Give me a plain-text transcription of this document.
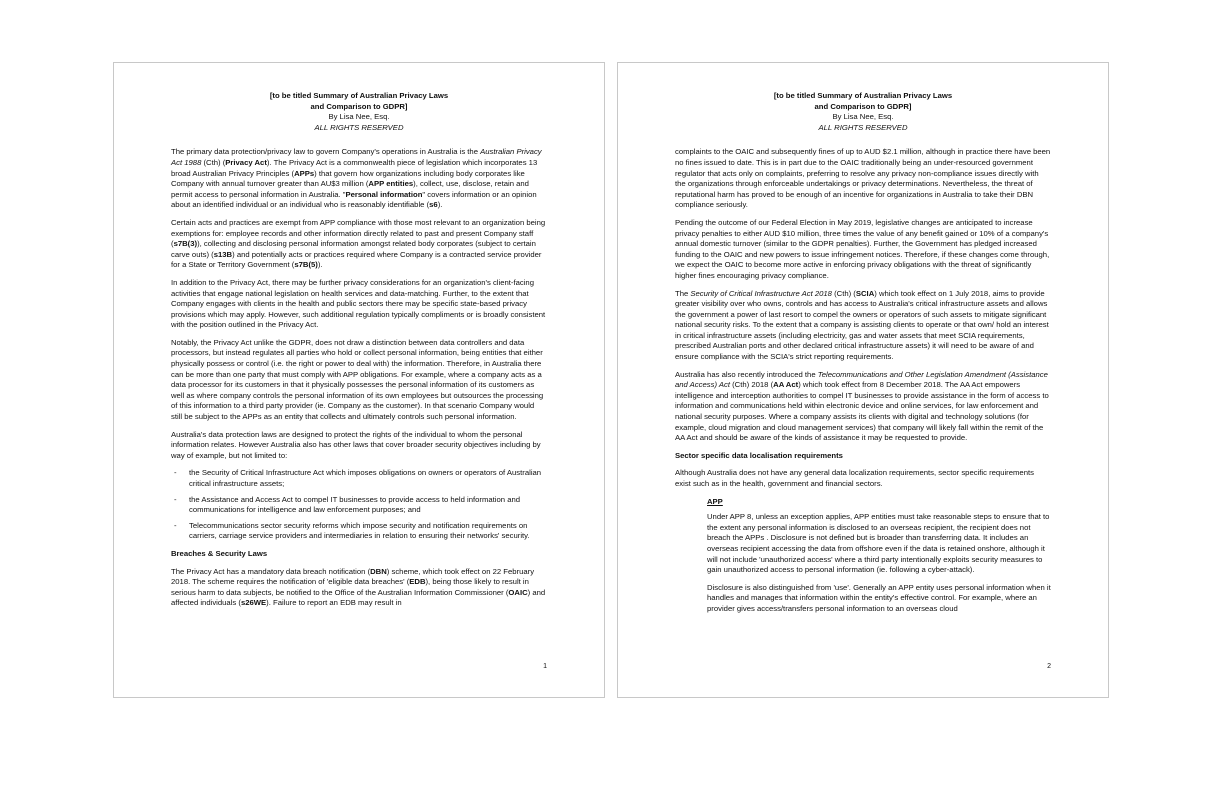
[to be titled Summary of Australian Privacy Laws
and Comparison to GDPR]
By Lisa Nee, Esq.
ALL RIGHTS RESERVED

The primary data protection/privacy law to govern Company's operations in Australia is the Australian Privacy Act 1988 (Cth) (Privacy Act). The Privacy Act is a commonwealth piece of legislation which incorporates 13 broad Australian Privacy Principles (APPs) that govern how organizations including body corporates like Company with annual turnover greater than AU$3 million (APP entities), collect, use, disclose, retain and permit access to personal information in Australia. "Personal information" covers information or an opinion about an identified individual or an individual who is reasonably identifiable (s6).

Certain acts and practices are exempt from APP compliance with those most relevant to an organization being exemptions for: employee records and other information directly related to past and present Company staff (s7B(3)), collecting and disclosing personal information amongst related body corporates (subject to certain carve outs) (s13B) and potentially acts or practices required where Company is a contracted service provider for a State or Territory Government (s7B(5)).

In addition to the Privacy Act, there may be further privacy considerations for an organization's client-facing activities that engage national legislation on health services and data-matching. Further, to the extent that Company engages with clients in the health and public sectors there may be specific state-based privacy provisions which may apply. However, such additional regulation typically compliments or is broadly consistent with the position outlined in the Privacy Act.

Notably, the Privacy Act unlike the GDPR, does not draw a distinction between data controllers and data processors, but instead regulates all parties who hold or collect personal information, being entities that either physically possess or control (i.e. the right or power to deal with) the information. Therefore, in Australia there can be more than one party that must comply with APP obligations. For example, where a company acts as a data processor for its customers in that it physically possesses the personal information of its customers as well as where company controls the personal information of its own employees but outsources the processing of this information to a third party provider (ie. Company as the customer). In that scenario Company would still be subject to the APPs as an entity that collects and ultimately controls such personal information.

Australia's data protection laws are designed to protect the rights of the individual to whom the personal information relates. However Australia also has other laws that cover broader security objectives including by way of example, but not limited to:

- the Security of Critical Infrastructure Act which imposes obligations on owners or operators of Australian critical infrastructure assets;
- the Assistance and Access Act to compel IT businesses to provide access to held information and communications for intelligence and law enforcement purposes; and
- Telecommunications sector security reforms which impose security and notification requirements on carriers, carriage service providers and intermediaries in relation to ensuring their networks' security.
Breaches & Security Laws

The Privacy Act has a mandatory data breach notification (DBN) scheme, which took effect on 22 February 2018. The scheme requires the notification of 'eligible data breaches' (EDB), being those likely to result in serious harm to data subjects, be notified to the Office of the Australian Information Commissioner (OAIC) and affected individuals (s26WE). Failure to report an EDB may result in

1
[to be titled Summary of Australian Privacy Laws
and Comparison to GDPR]
By Lisa Nee, Esq.
ALL RIGHTS RESERVED

complaints to the OAIC and subsequently fines of up to AUD $2.1 million, although in practice there have been no fines issued to date. This is in part due to the OAIC traditionally being an under-resourced government regulator that acts only on complaints, preferring to resolve any privacy non-compliance issues directly with the organizations through enforceable undertakings or privacy determinations. Nevertheless, the threat of reputational harm has proved to be enough of an incentive for organizations in Australia to take their DBN compliance seriously.

Pending the outcome of our Federal Election in May 2019, legislative changes are anticipated to increase privacy penalties to either AUD $10 million, three times the value of any benefit gained or 10% of a company's annual domestic turnover (similar to the GDPR penalties). Further, the Government has pledged increased funding to the OAIC and new powers to issue infringement notices. Therefore, if these changes come through, we expect the OAIC to become more active in enforcing privacy obligations with the threat of significantly higher fines encouraging privacy compliance.

The Security of Critical Infrastructure Act 2018 (Cth) (SCIA) which took effect on 1 July 2018, aims to provide greater visibility over who owns, controls and has access to Australia's critical infrastructure assets and allows the government a power of last resort to compel the owners or operators of such assets to mitigate significant national security risks. To the extent that a company is assisting clients to operate or that own/ hold an interest in critical infrastructure assets (including electricity, gas and water assets that meet SCIA requirements, prescribed Australian ports and other declared critical infrastructure assets) it will need to be aware of and ensure compliance with the SCIA's strict reporting requirements.

Australia has also recently introduced the Telecommunications and Other Legislation Amendment (Assistance and Access) Act (Cth) 2018 (AA Act) which took effect from 8 December 2018. The AA Act empowers intelligence and interception authorities to compel IT businesses to provide assistance in the form of access to information and communications held within electronic device and online services, for law enforcement and national security purposes. Where a company assists its clients with digital and technology solutions (for example, cloud migration and cloud management services) that company will likely fall within the remit of the AA Act and should be aware of the kinds of assistance it may be requested to provide.

Sector specific data localisation requirements

Although Australia does not have any general data localization requirements, sector specific requirements exist such as in the health, government and financial sectors.

APP

Under APP 8, unless an exception applies, APP entities must take reasonable steps to ensure that to the extent any personal information is disclosed to an overseas recipient, the recipient does not breach the APPs . Disclosure is not defined but is broader than transferring data. It includes an overseas recipient accessing the data from offshore even if the data is retained onshore, although it will not include 'unauthorized access' where a third party intentionally exploits security measures to gain unauthorized access to personal information (ie. following a cyber-attack).

Disclosure is also distinguished from 'use'. Generally an APP entity uses personal information when it handles and manages that information within the entity's effective control. For example, where an provider gives access/transfers personal information to an overseas cloud

2
